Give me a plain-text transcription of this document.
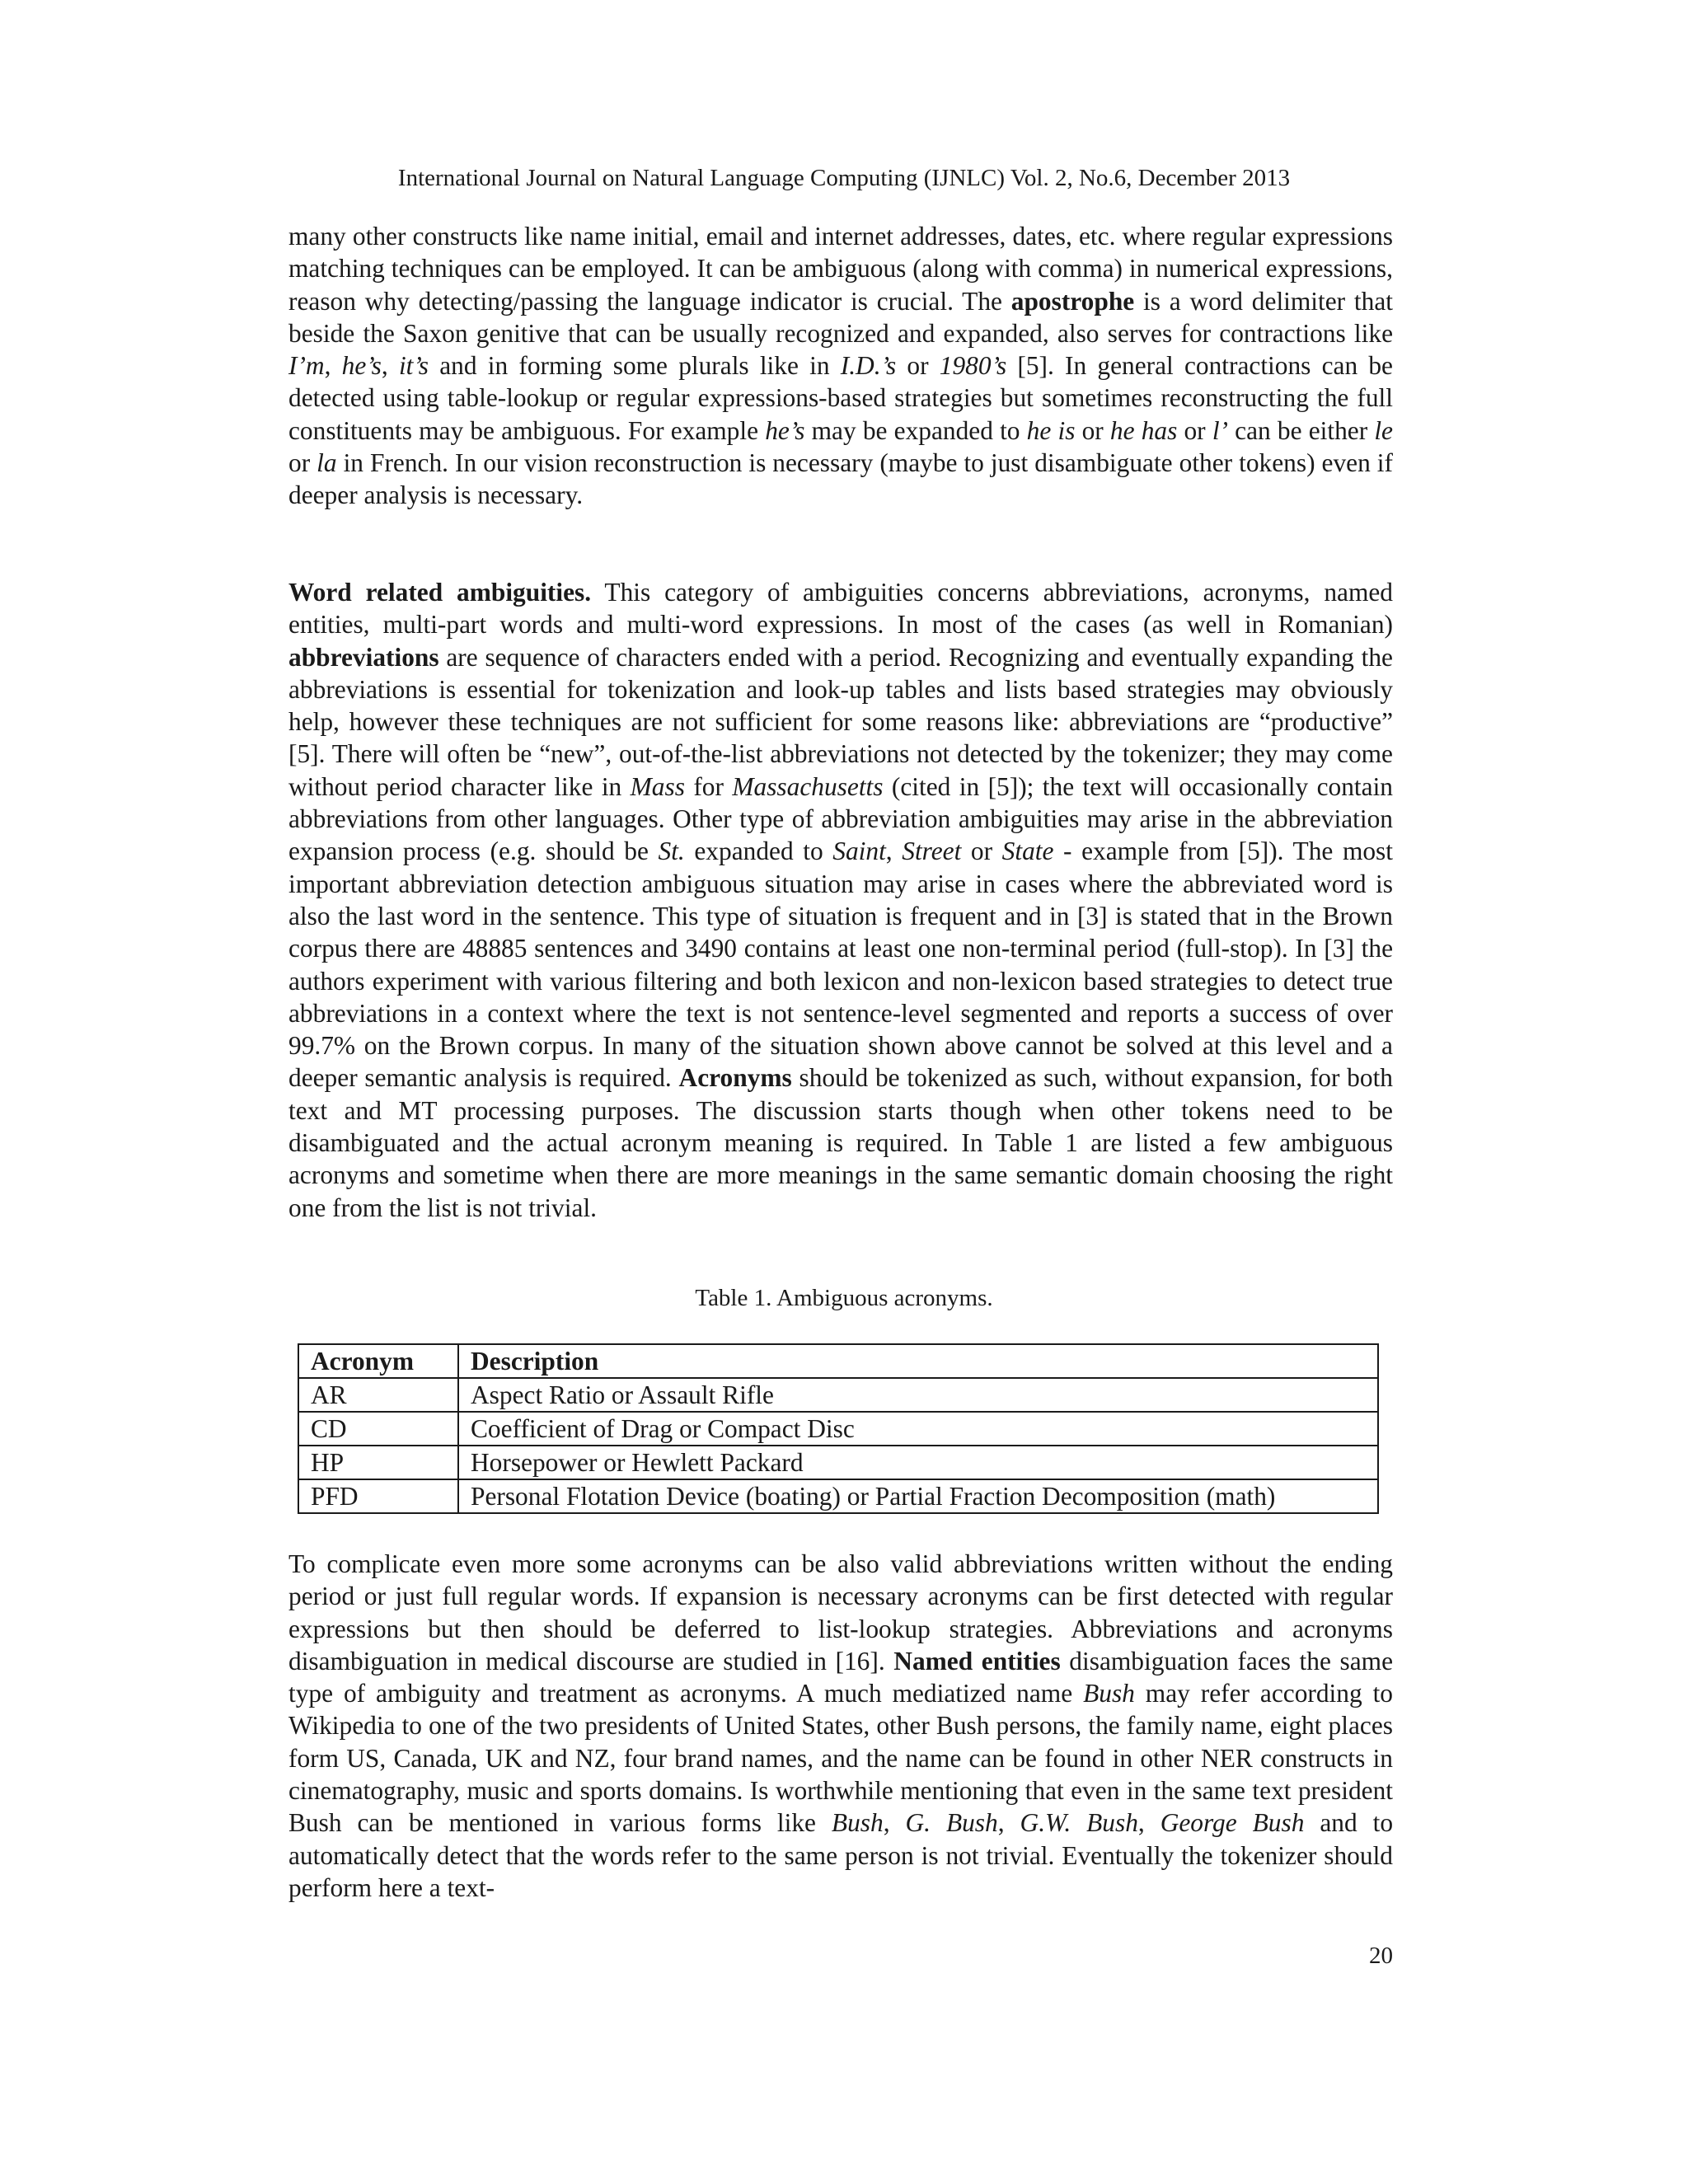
International Journal on Natural Language Computing (IJNLC) Vol. 2, No.6, December 2013

many other constructs like name initial, email and internet addresses, dates, etc. where regular expressions matching techniques can be employed. It can be ambiguous (along with comma) in numerical expressions, reason why detecting/passing the language indicator is crucial. The apostrophe is a word delimiter that beside the Saxon genitive that can be usually recognized and expanded, also serves for contractions like I’m, he’s, it’s and in forming some plurals like in I.D.’s or 1980’s [5]. In general contractions can be detected using table-lookup or regular expressions-based strategies but sometimes reconstructing the full constituents may be ambiguous. For example he’s may be expanded to he is or he has or l’ can be either le or la in French. In our vision reconstruction is necessary (maybe to just disambiguate other tokens) even if deeper analysis is necessary.

Word related ambiguities. This category of ambiguities concerns abbreviations, acronyms, named entities, multi-part words and multi-word expressions. In most of the cases (as well in Romanian) abbreviations are sequence of characters ended with a period. Recognizing and eventually expanding the abbreviations is essential for tokenization and look-up tables and lists based strategies may obviously help, however these techniques are not sufficient for some reasons like: abbreviations are “productive” [5]. There will often be “new”, out-of-the-list abbreviations not detected by the tokenizer; they may come without period character like in Mass for Massachusetts (cited in [5]); the text will occasionally contain abbreviations from other languages. Other type of abbreviation ambiguities may arise in the abbreviation expansion process (e.g. should be St. expanded to Saint, Street or State - example from [5]). The most important abbreviation detection ambiguous situation may arise in cases where the abbreviated word is also the last word in the sentence. This type of situation is frequent and in [3] is stated that in the Brown corpus there are 48885 sentences and 3490 contains at least one non-terminal period (full-stop). In [3] the authors experiment with various filtering and both lexicon and non-lexicon based strategies to detect true abbreviations in a context where the text is not sentence-level segmented and reports a success of over 99.7% on the Brown corpus. In many of the situation shown above cannot be solved at this level and a deeper semantic analysis is required. Acronyms should be tokenized as such, without expansion, for both text and MT processing purposes. The discussion starts though when other tokens need to be disambiguated and the actual acronym meaning is required. In Table 1 are listed a few ambiguous acronyms and sometime when there are more meanings in the same semantic domain choosing the right one from the list is not trivial.

Table 1. Ambiguous acronyms.
Acronym	Description
AR	Aspect Ratio or Assault Rifle
CD	Coefficient of Drag or Compact Disc
HP	Horsepower or Hewlett Packard
PFD	Personal Flotation Device (boating) or Partial Fraction Decomposition (math)

To complicate even more some acronyms can be also valid abbreviations written without the ending period or just full regular words. If expansion is necessary acronyms can be first detected with regular expressions but then should be deferred to list-lookup strategies. Abbreviations and acronyms disambiguation in medical discourse are studied in [16]. Named entities disambiguation faces the same type of ambiguity and treatment as acronyms. A much mediatized name Bush may refer according to Wikipedia to one of the two presidents of United States, other Bush persons, the family name, eight places form US, Canada, UK and NZ, four brand names, and the name can be found in other NER constructs in cinematography, music and sports domains. Is worthwhile mentioning that even in the same text president Bush can be mentioned in various forms like Bush, G. Bush, G.W. Bush, George Bush and to automatically detect that the words refer to the same person is not trivial. Eventually the tokenizer should perform here a text-

20
